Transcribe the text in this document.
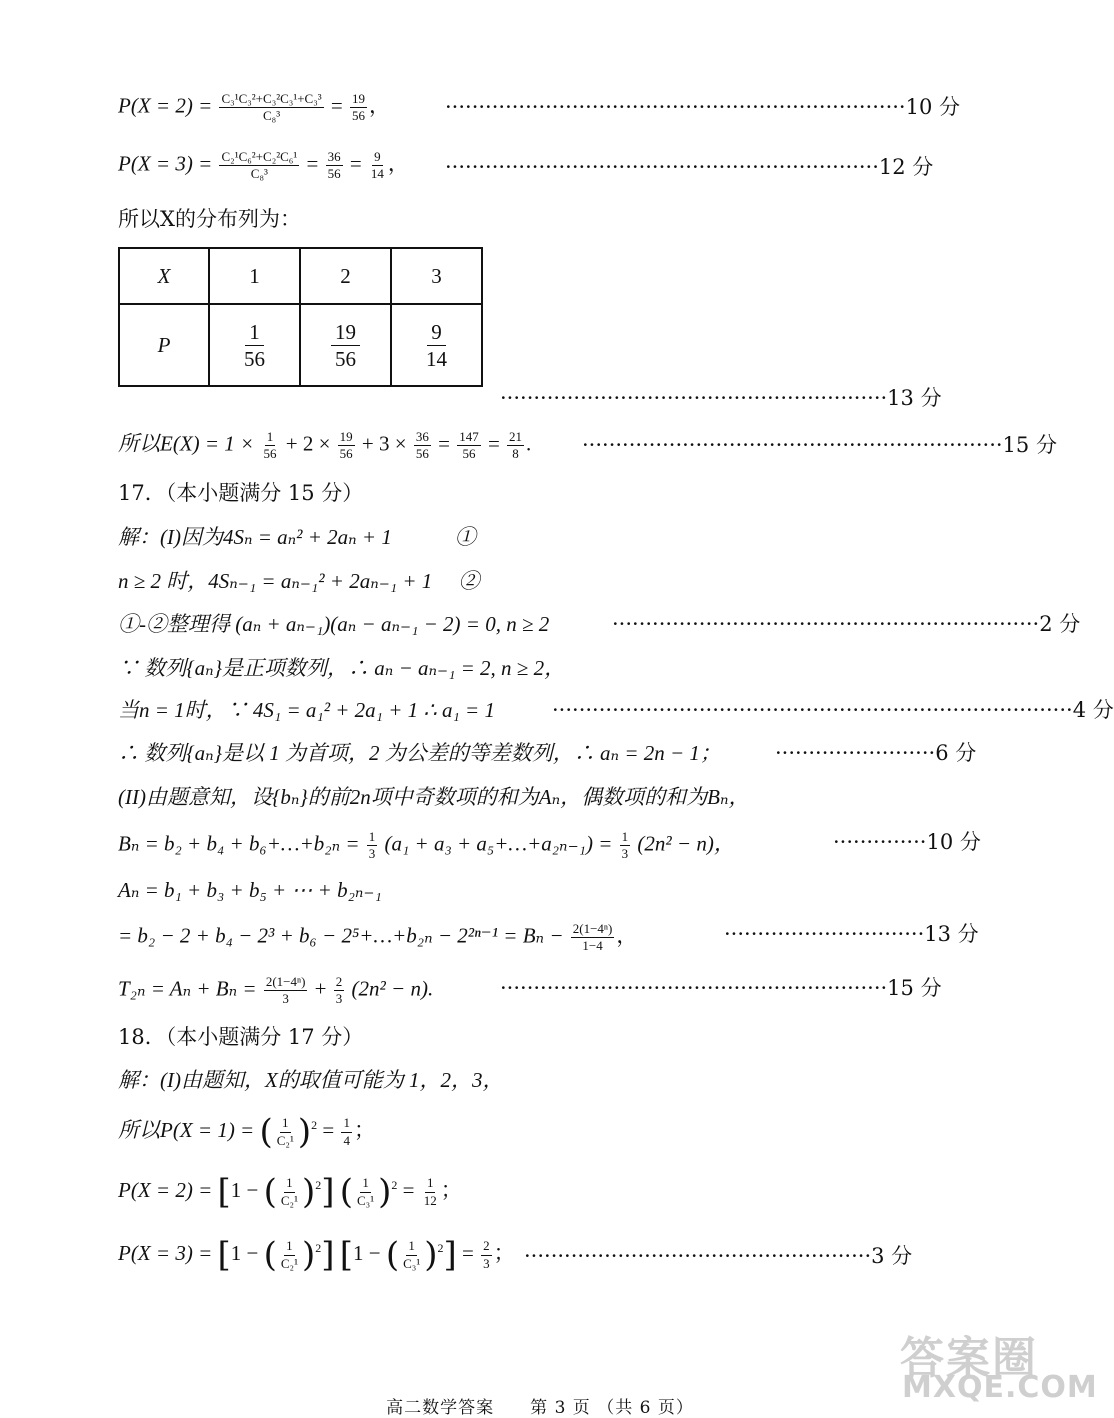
$P(X = 2) = \frac{\text{C₃¹C₃²+C₃²C₃¹+C₃³}}{\text{C₈³}} = \frac{19}{56}$ ，	·····································································10 分
$P(X = 3) = \frac{\text{C₂¹C₆²+C₂²C₆¹}}{\text{C₈³}} = \frac{36}{56} = \frac{9}{14}$ ， ·································································12 分
所以X的分布列为：
X	1	2	3
P	$\frac{1}{56}$	$\frac{19}{56}$	$\frac{9}{14}$
··························································13 分
所以$E(X) = 1 \times \frac{1}{56} + 2 \times \frac{19}{56} + 3 \times \frac{36}{56} = \frac{147}{56} = \frac{21}{8}$ . ·······························································15 分
17．（本小题满分 15 分）
解：(I)因为4Sₙ = aₙ² + 2aₙ + 1　　　①
n ≥ 2 时，4Sₙ₋₁ = aₙ₋₁² + 2aₙ₋₁ + 1　 ②
①-②整理得 (aₙ + aₙ₋₁)(aₙ − aₙ₋₁ − 2) = 0, n ≥ 2	································································2 分
∵ 数列{aₙ}是正项数列，∴ aₙ − aₙ₋₁ = 2, n ≥ 2，
当n = 1时，∵ 4S₁ = a₁² + 2a₁ + 1 ∴ a₁ = 1	··············································································4 分
∴ 数列{aₙ}是以 1 为首项，2 为公差的等差数列，∴ aₙ = 2n − 1；	························6 分
(II)由题意知，设{bₙ}的前2n项中奇数项的和为Aₙ，偶数项的和为Bₙ，
Bₙ = b₂ + b₄ + b₆+…+b₂ₙ = $\frac{1}{3} (a_1 + a_3$ + a₅+…+a₂ₙ₋₁) = $\frac{1}{3} (2n^2 - n)$，	··············10 分
Aₙ = b₁ + b₃ + b₅ + ⋯ + b₂ₙ₋₁
= b₂ − 2 + b₄ − 2³ + b₆ − 2⁵+…+b₂ₙ − $2^{2n-1} = B_n - \frac{\text{2(1−4ⁿ)}}{1-4}$ ，	······························13 分
$T_{2n} = A_n + B_n = \frac{\text{2(1−4ⁿ)}}{3} + \frac{2}{3} (2n^2 - n)$.	··························································15 分
18．（本小题满分 17 分）
解：(I)由题知，X的取值可能为 1，2，3，
所以P(X = 1) = ( $\frac{1}{\text{C₂¹}} )^2 = \frac{1}{4}$ ；
P(X = 2) = [1 − ( $\frac{1}{\text{C₂¹}} )^2$] ( $\frac{1}{\text{C₃¹}} )^2 = \frac{1}{12}$ ；
P(X = 3) = [1 − ( $\frac{1}{\text{C₂¹}} )^2$] [1 − ( $\frac{1}{\text{C₃¹}} )^2] = \frac{2}{3}$ ； ····················································3 分
答案圈
MXQE.COM
高二数学答案　　第 3 页 （共 6 页）
